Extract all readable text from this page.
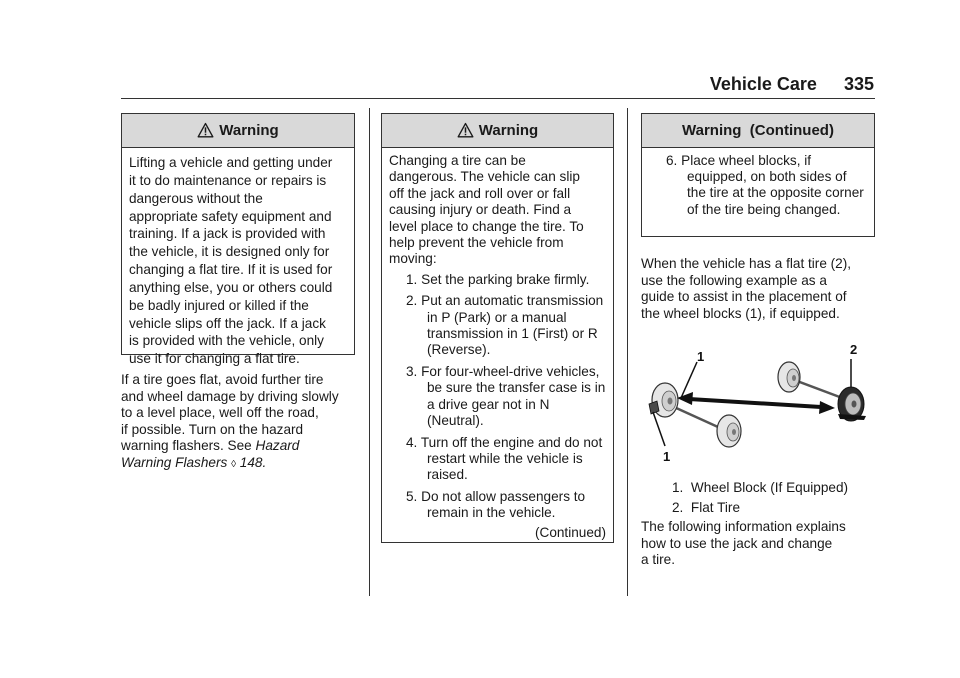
Vehicle Care 335
Warning
Lifting a vehicle and getting under
it to do maintenance or repairs is
dangerous without the
appropriate safety equipment and
training. If a jack is provided with
the vehicle, it is designed only for
changing a flat tire. If it is used for
anything else, you or others could
be badly injured or killed if the
vehicle slips off the jack. If a jack
is provided with the vehicle, only
use it for changing a flat tire.
If a tire goes flat, avoid further tire
and wheel damage by driving slowly
to a level place, well off the road,
if possible. Turn on the hazard
warning flashers. See Hazard
Warning Flashers ◊ 148.
Warning
Changing a tire can be
dangerous. The vehicle can slip
off the jack and roll over or fall
causing injury or death. Find a
level place to change the tire. To
help prevent the vehicle from
moving:
1. Set the parking brake firmly.
2. Put an automatic transmission in P (Park) or a manual transmission in 1 (First) or R (Reverse).
3. For four-wheel-drive vehicles, be sure the transfer case is in a drive gear not in N (Neutral).
4. Turn off the engine and do not restart while the vehicle is raised.
5. Do not allow passengers to remain in the vehicle.
(Continued)
Warning  (Continued)
6. Place wheel blocks, if equipped, on both sides of the tire at the opposite corner of the tire being changed.
When the vehicle has a flat tire (2),
use the following example as a
guide to assist in the placement of
the wheel blocks (1), if equipped.
1
1
2
1. Wheel Block (If Equipped)
2. Flat Tire
The following information explains
how to use the jack and change
a tire.
